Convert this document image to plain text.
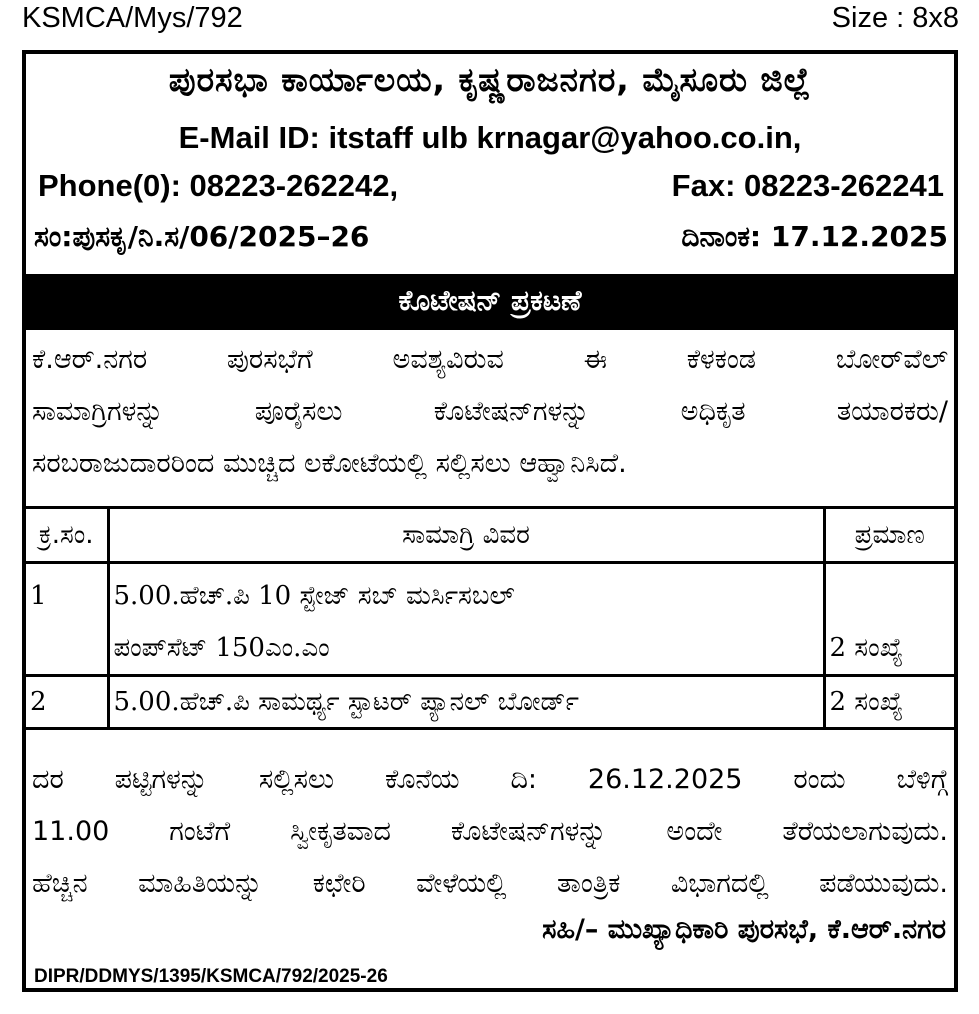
KSMCA/Mys/792	Size : 8x8
ಪುರಸಭಾ ಕಾರ್ಯಾಲಯ, ಕೃಷ್ಣರಾಜನಗರ, ಮೈಸೂರು ಜಿಲ್ಲೆ
E-Mail ID: itstaff ulb krnagar@yahoo.co.in,
Phone(0): 08223-262242,	Fax: 08223-262241
ಸಂ:ಪುಸಕೃ/ನಿ.ಸ/06/2025–26	ದಿನಾಂಕ: 17.12.2025
ಕೊಟೇಷನ್ ಪ್ರಕಟಣೆ
ಕೆ.ಆರ್.ನಗರ ಪುರಸಭೆಗೆ ಅವಶ್ಯವಿರುವ ಈ ಕೆಳಕಂಡ ಬೋರ್‌ವೆಲ್
ಸಾಮಾಗ್ರಿಗಳನ್ನು ಪೂರೈಸಲು ಕೊಟೇಷನ್‌ಗಳನ್ನು ಅಧಿಕೃತ ತಯಾರಕರು/
ಸರಬರಾಜುದಾರರಿಂದ ಮುಚ್ಚಿದ ಲಕೋಟೆಯಲ್ಲಿ ಸಲ್ಲಿಸಲು ಆಹ್ವಾನಿಸಿದೆ.
ಕ್ರ.ಸಂ.	ಸಾಮಾಗ್ರಿ ವಿವರ	ಪ್ರಮಾಣ
1	5.00.ಹೆಚ್.ಪಿ 10 ಸ್ಟೇಜ್ ಸಬ್ ಮರ್ಸಿಸಬಲ್
ಪಂಪ್‌ಸೆಟ್ 150ಎಂ.ಎಂ	2 ಸಂಖ್ಯೆ
2	5.00.ಹೆಚ್.ಪಿ ಸಾಮರ್ಥ್ಯ ಸ್ಟಾಟರ್ ಪ್ಯಾನಲ್ ಬೋರ್ಡ್	2 ಸಂಖ್ಯೆ
ದರ ಪಟ್ಟಿಗಳನ್ನು ಸಲ್ಲಿಸಲು ಕೊನೆಯ ದಿ: 26.12.2025 ರಂದು ಬೆಳಿಗ್ಗೆ
11.00 ಗಂಟೆಗೆ ಸ್ವೀಕೃತವಾದ ಕೊಟೇಷನ್‌ಗಳನ್ನು ಅಂದೇ ತೆರೆಯಲಾಗುವುದು.
ಹೆಚ್ಚಿನ ಮಾಹಿತಿಯನ್ನು ಕಛೇರಿ ವೇಳೆಯಲ್ಲಿ ತಾಂತ್ರಿಕ ವಿಭಾಗದಲ್ಲಿ ಪಡೆಯುವುದು.
ಸಹಿ/– ಮುಖ್ಯಾಧಿಕಾರಿ ಪುರಸಭೆ, ಕೆ.ಆರ್.ನಗರ
DIPR/DDMYS/1395/KSMCA/792/2025-26
